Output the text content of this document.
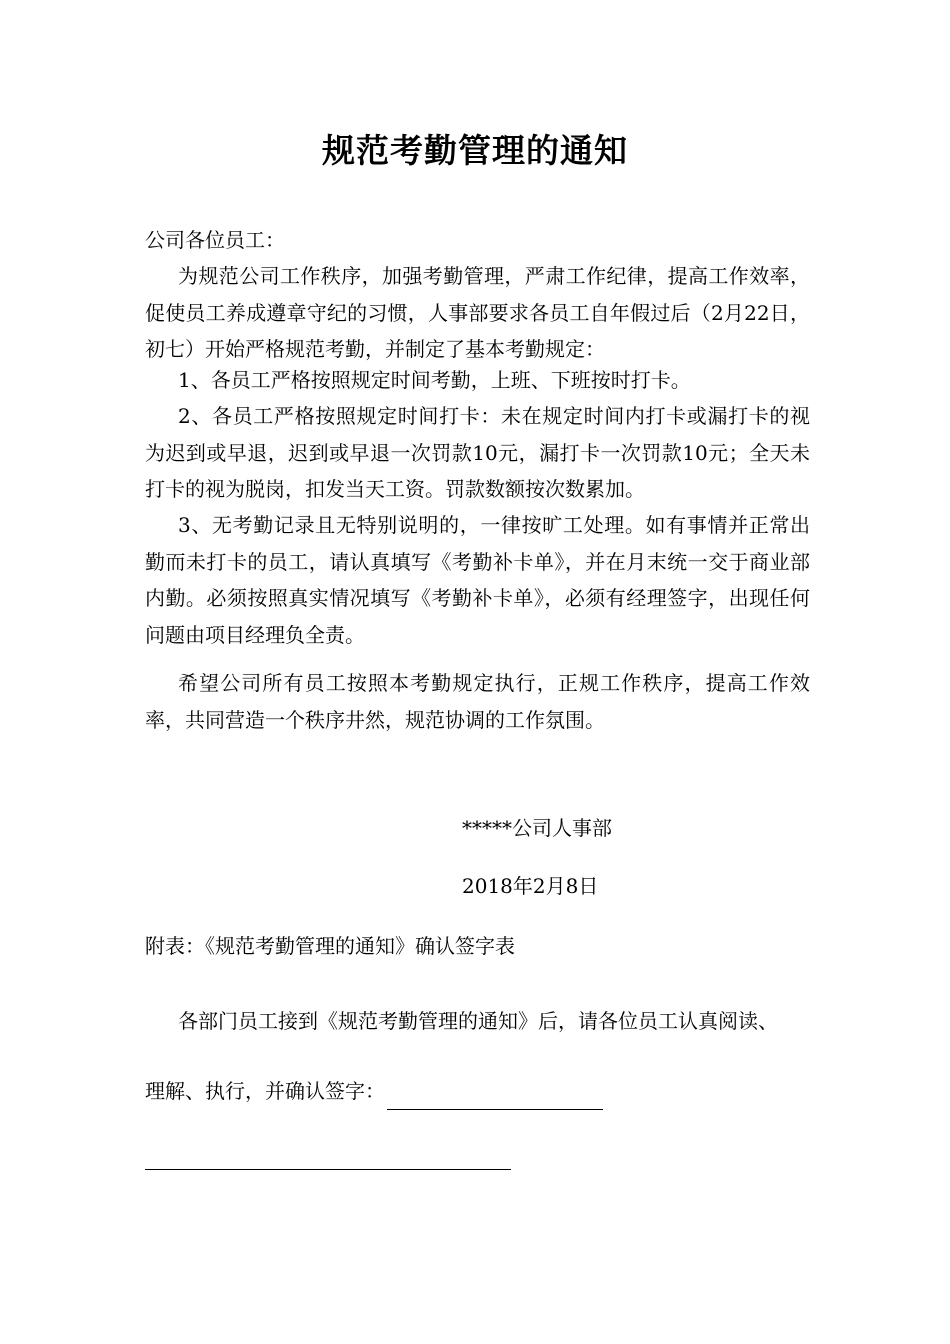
规范考勤管理的通知

公司各位员工：

为规范公司工作秩序，加强考勤管理，严肃工作纪律，提高工作效率，促使员工养成遵章守纪的习惯，人事部要求各员工自年假过后（2月22日，初七）开始严格规范考勤，并制定了基本考勤规定：

1、各员工严格按照规定时间考勤，上班、下班按时打卡。

2、各员工严格按照规定时间打卡：未在规定时间内打卡或漏打卡的视为迟到或早退，迟到或早退一次罚款10元，漏打卡一次罚款10元；全天未打卡的视为脱岗，扣发当天工资。罚款数额按次数累加。

3、无考勤记录且无特别说明的，一律按旷工处理。如有事情并正常出勤而未打卡的员工，请认真填写《考勤补卡单》，并在月末统一交于商业部内勤。必须按照真实情况填写《考勤补卡单》，必须有经理签字，出现任何问题由项目经理负全责。

希望公司所有员工按照本考勤规定执行，正规工作秩序，提高工作效率，共同营造一个秩序井然，规范协调的工作氛围。

*****公司人事部

2018年2月8日

附表：《规范考勤管理的通知》确认签字表

各部门员工接到《规范考勤管理的通知》后，请各位员工认真阅读、

理解、执行，并确认签字：
